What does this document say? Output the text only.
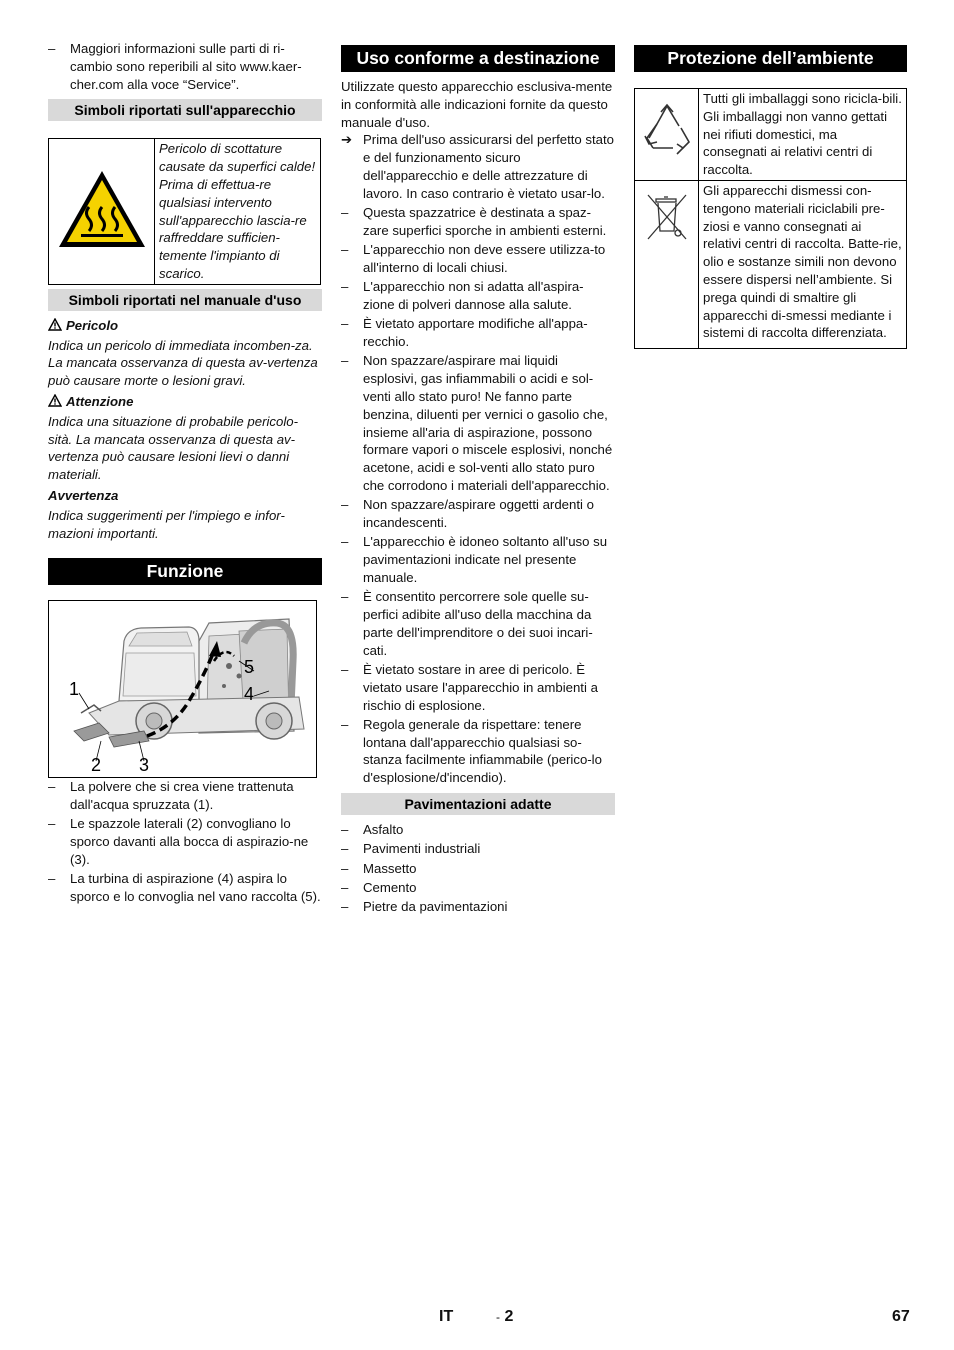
– Maggiori informazioni sulle parti di ri-cambio sono reperibili al sito www.kaer-cher.com alla voce “Service”.
Simboli riportati sull'apparecchio
	Pericolo di scottature causate da superfici calde! Prima di effettua-re qualsiasi intervento sull'apparecchio lascia-re raffreddare sufficien-temente l'impianto di scarico.
Simboli riportati nel manuale d'uso
Pericolo

Indica un pericolo di immediata incomben-za. La mancata osservanza di questa av-vertenza può causare morte o lesioni gravi.

Attenzione

Indica una situazione di probabile pericolo-sità. La mancata osservanza di questa av-vertenza può causare lesioni lievi o danni materiali.

Avvertenza

Indica suggerimenti per l'impiego e infor-mazioni importanti.

Funzione
1
2 3
4
5
– La polvere che si crea viene trattenuta dall'acqua spruzzata (1).
– Le spazzole laterali (2) convogliano lo sporco davanti alla bocca di aspirazio-ne (3).
– La turbina di aspirazione (4) aspira lo sporco e lo convoglia nel vano raccolta (5).
Uso conforme a destinazione

Utilizzate questo apparecchio esclusiva-mente in conformità alle indicazioni fornite da questo manuale d'uso.

➔ Prima dell'uso assicurarsi del perfetto stato e del funzionamento sicuro dell'apparecchio e delle attrezzature di lavoro. In caso contrario è vietato usar-lo.
– Questa spazzatrice è destinata a spaz-zare superfici sporche in ambienti esterni.
– L'apparecchio non deve essere utilizza-to all'interno di locali chiusi.
– L'apparecchio non si adatta all'aspira-zione di polveri dannose alla salute.
– È vietato apportare modifiche all'appa-recchio.
– Non spazzare/aspirare mai liquidi esplosivi, gas infiammabili o acidi e sol-venti allo stato puro! Ne fanno parte benzina, diluenti per vernici o gasolio che, insieme all'aria di aspirazione, possono formare vapori o miscele esplosivi, nonché acetone, acidi e sol-venti allo stato puro che corrodono i materiali dell'apparecchio.
– Non spazzare/aspirare oggetti ardenti o incandescenti.
– L'apparecchio è idoneo soltanto all'uso su pavimentazioni indicate nel presente manuale.
– È consentito percorrere sole quelle su-perfici adibite all'uso della macchina da parte dell'imprenditore o dei suoi incari-cati.
– È vietato sostare in aree di pericolo. È vietato usare l'apparecchio in ambienti a rischio di esplosione.
– Regola generale da rispettare: tenere lontana dall'apparecchio qualsiasi so-stanza facilmente infiammabile (perico-lo d'esplosione/d'incendio).
Pavimentazioni adatte
– Asfalto
– Pavimenti industriali
– Massetto
– Cemento
– Pietre da pavimentazioni
Protezione dell’ambiente
	Tutti gli imballaggi sono ricicla-bili. Gli imballaggi non vanno gettati nei rifiuti domestici, ma consegnati ai relativi centri di raccolta.
	Gli apparecchi dismessi con-tengono materiali riciclabili pre-ziosi e vanno consegnati ai relativi centri di raccolta. Batte-rie, olio e sostanze simili non devono essere dispersi nell’ambiente. Si prega quindi di smaltire gli apparecchi di-smessi mediante i sistemi di raccolta differenziata.
IT	- 2	67
